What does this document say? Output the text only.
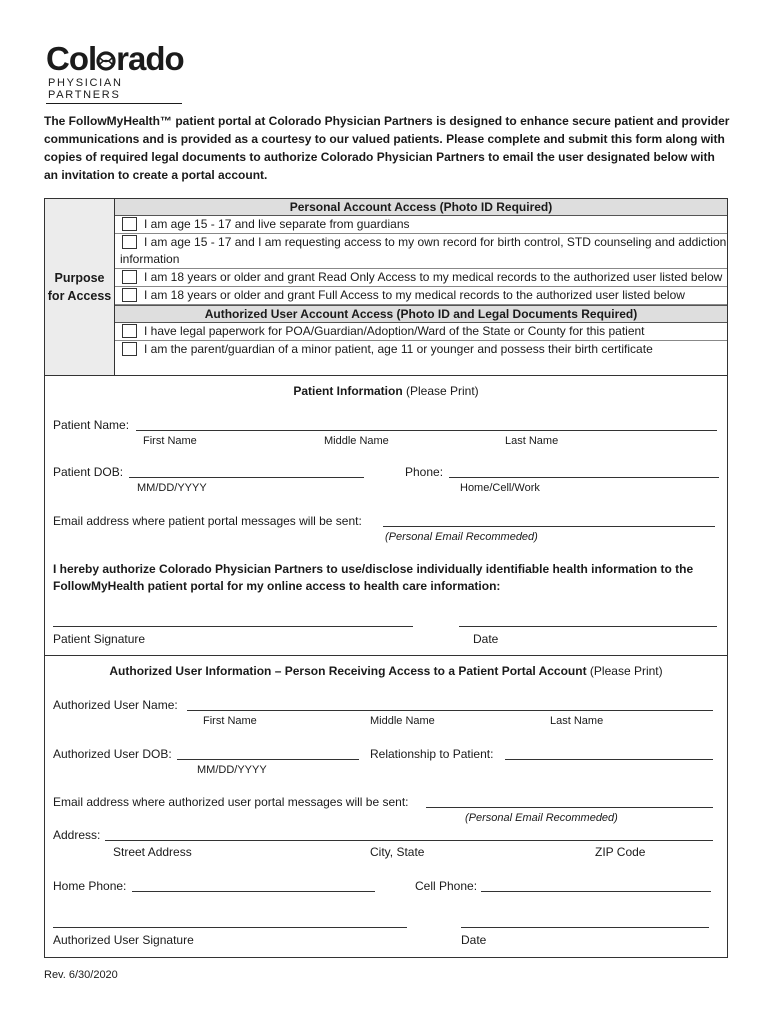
Col rado
PHYSICIAN PARTNERS
The FollowMyHealth™ patient portal at Colorado Physician Partners is designed to enhance secure patient and provider communications and is provided as a courtesy to our valued patients. Please complete and submit this form along with copies of required legal documents to authorize Colorado Physician Partners to email the user designated below with an invitation to create a portal account.
Purpose for Access
Personal Account Access (Photo ID Required)
I am age 15 - 17 and live separate from guardians
I am age 15 - 17 and I am requesting access to my own record for birth control, STD counseling and addiction information
I am 18 years or older and grant Read Only Access to my medical records to the authorized user listed below
I am 18 years or older and grant Full Access to my medical records to the authorized user listed below
Authorized User Account Access (Photo ID and Legal Documents Required)
I have legal paperwork for POA/Guardian/Adoption/Ward of the State or County for this patient
I am the parent/guardian of a minor patient, age 11 or younger and possess their birth certificate
Patient Information (Please Print)
Patient Name:
First Name	Middle Name	Last Name
Patient DOB:
MM/DD/YYYY
Phone:
Home/Cell/Work
Email address where patient portal messages will be sent:
(Personal Email Recommeded)
I hereby authorize Colorado Physician Partners to use/disclose individually identifiable health information to the FollowMyHealth patient portal for my online access to health care information:
Patient Signature	Date
Authorized User Information – Person Receiving Access to a Patient Portal Account (Please Print)
Authorized User Name:
First Name	Middle Name	Last Name
Authorized User DOB:
MM/DD/YYYY
Relationship to Patient:
Email address where authorized user portal messages will be sent:
(Personal Email Recommeded)
Address:
Street Address	City, State	ZIP Code
Home Phone:	Cell Phone:
Authorized User Signature	Date
Rev. 6/30/2020
